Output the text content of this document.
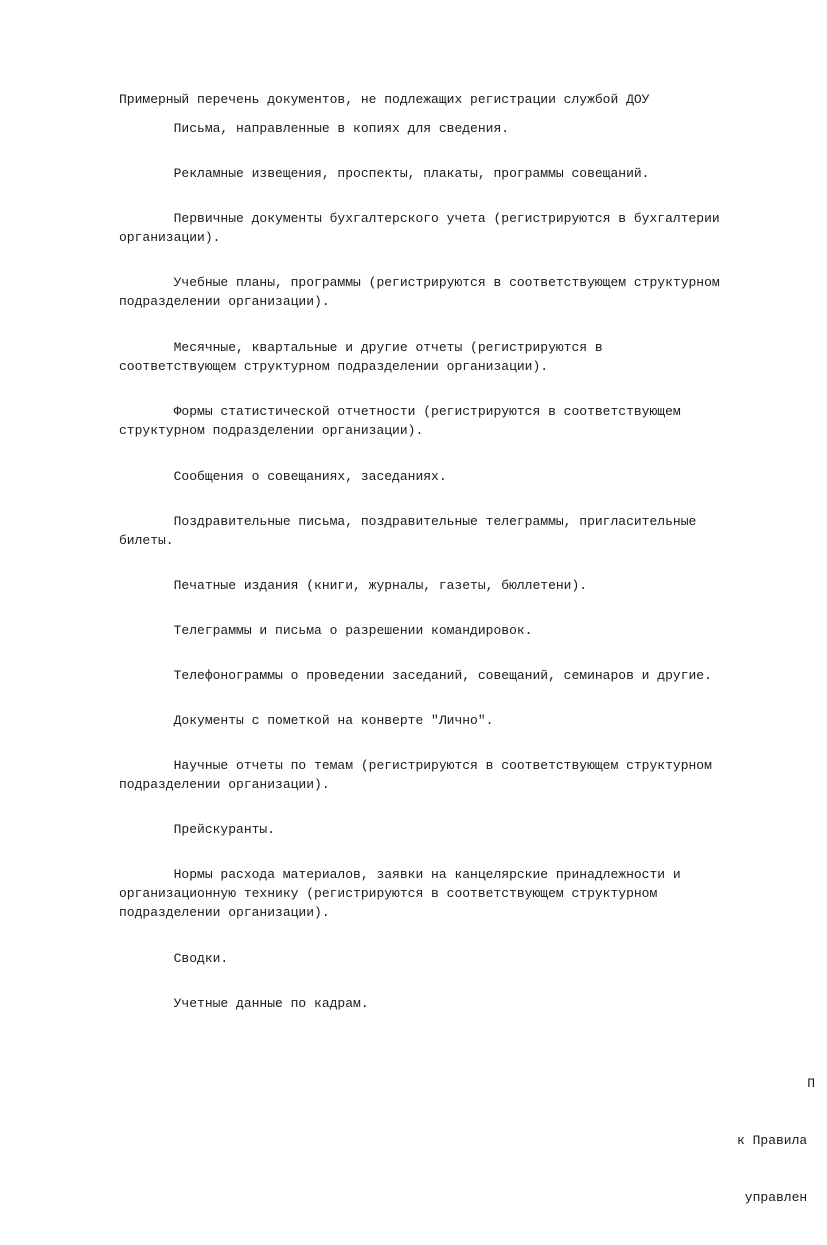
Примерный перечень документов, не подлежащих регистрации службой ДОУ
Письма, направленные в копиях для сведения.
Рекламные извещения, проспекты, плакаты, программы совещаний.
Первичные документы бухгалтерского учета (регистрируются в бухгалтерии
организации).
Учебные планы, программы (регистрируются в соответствующем структурном
подразделении организации).
Месячные, квартальные и другие отчеты (регистрируются в
соответствующем структурном подразделении организации).
Формы статистической отчетности (регистрируются в соответствующем
структурном подразделении организации).
Сообщения о совещаниях, заседаниях.
Поздравительные письма, поздравительные телеграммы, пригласительные
билеты.
Печатные издания (книги, журналы, газеты, бюллетени).
Телеграммы и письма о разрешении командировок.
Телефонограммы о проведении заседаний, совещаний, семинаров и другие.
Документы с пометкой на конверте "Лично".
Научные отчеты по темам (регистрируются в соответствующем структурном
подразделении организации).
Прейскуранты.
Нормы расхода материалов, заявки на канцелярские принадлежности и
организационную технику (регистрируются в соответствующем структурном
подразделении организации).
Сводки.
Учетные данные по кадрам.

П

к Правила

управлен
